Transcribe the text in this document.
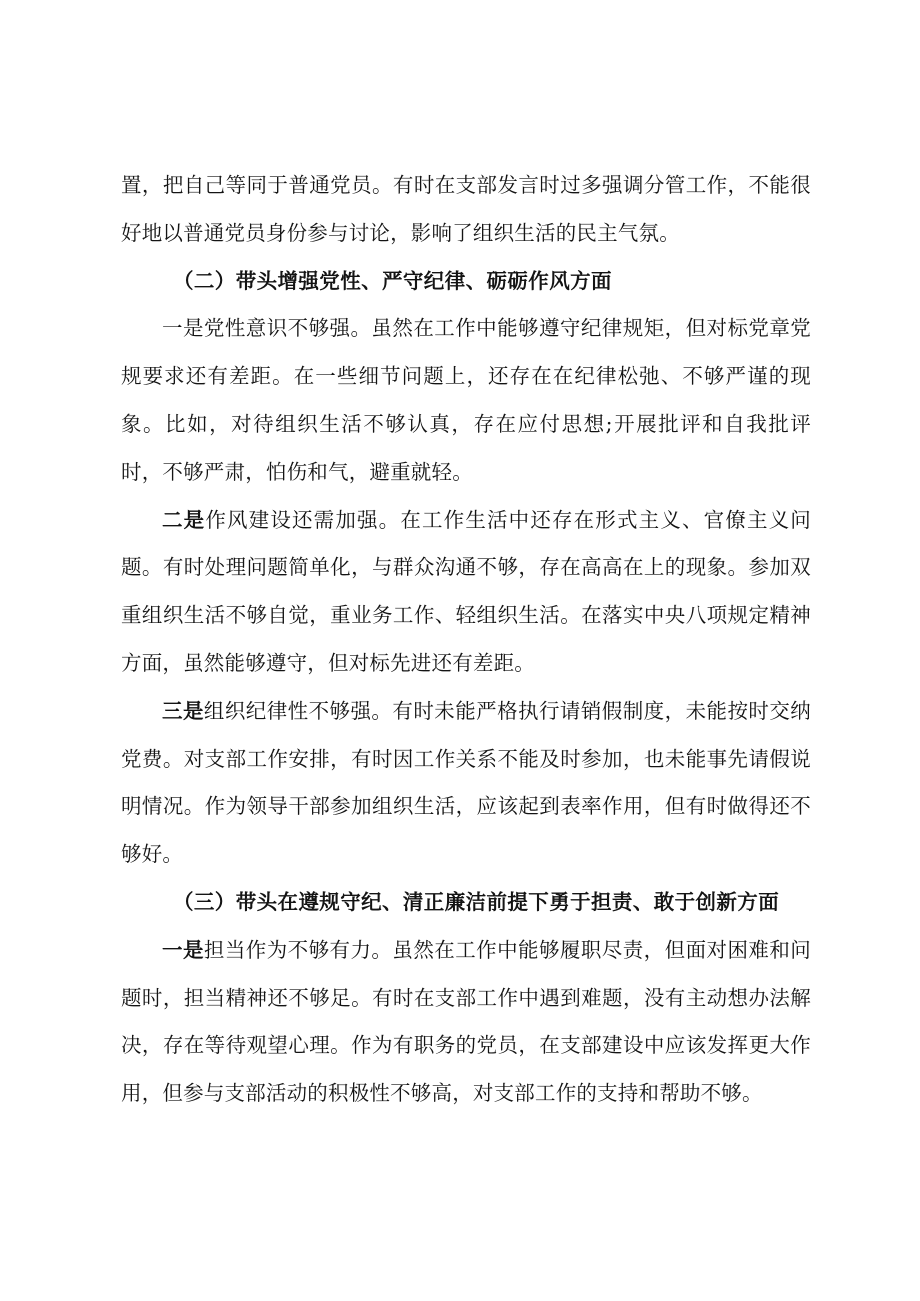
置，把自己等同于普通党员。有时在支部发言时过多强调分管工作，不能很好地以普通党员身份参与讨论，影响了组织生活的民主气氛。

（二）带头增强党性、严守纪律、砺砺作风方面

一是党性意识不够强。虽然在工作中能够遵守纪律规矩，但对标党章党规要求还有差距。在一些细节问题上，还存在在纪律松弛、不够严谨的现象。比如，对待组织生活不够认真，存在应付思想;开展批评和自我批评时，不够严肃，怕伤和气，避重就轻。

二是作风建设还需加强。在工作生活中还存在形式主义、官僚主义问题。有时处理问题简单化，与群众沟通不够，存在高高在上的现象。参加双重组织生活不够自觉，重业务工作、轻组织生活。在落实中央八项规定精神方面，虽然能够遵守，但对标先进还有差距。

三是组织纪律性不够强。有时未能严格执行请销假制度，未能按时交纳党费。对支部工作安排，有时因工作关系不能及时参加，也未能事先请假说明情况。作为领导干部参加组织生活，应该起到表率作用，但有时做得还不够好。

（三）带头在遵规守纪、清正廉洁前提下勇于担责、敢于创新方面

一是担当作为不够有力。虽然在工作中能够履职尽责，但面对困难和问题时，担当精神还不够足。有时在支部工作中遇到难题，没有主动想办法解决，存在等待观望心理。作为有职务的党员，在支部建设中应该发挥更大作用，但参与支部活动的积极性不够高，对支部工作的支持和帮助不够。
